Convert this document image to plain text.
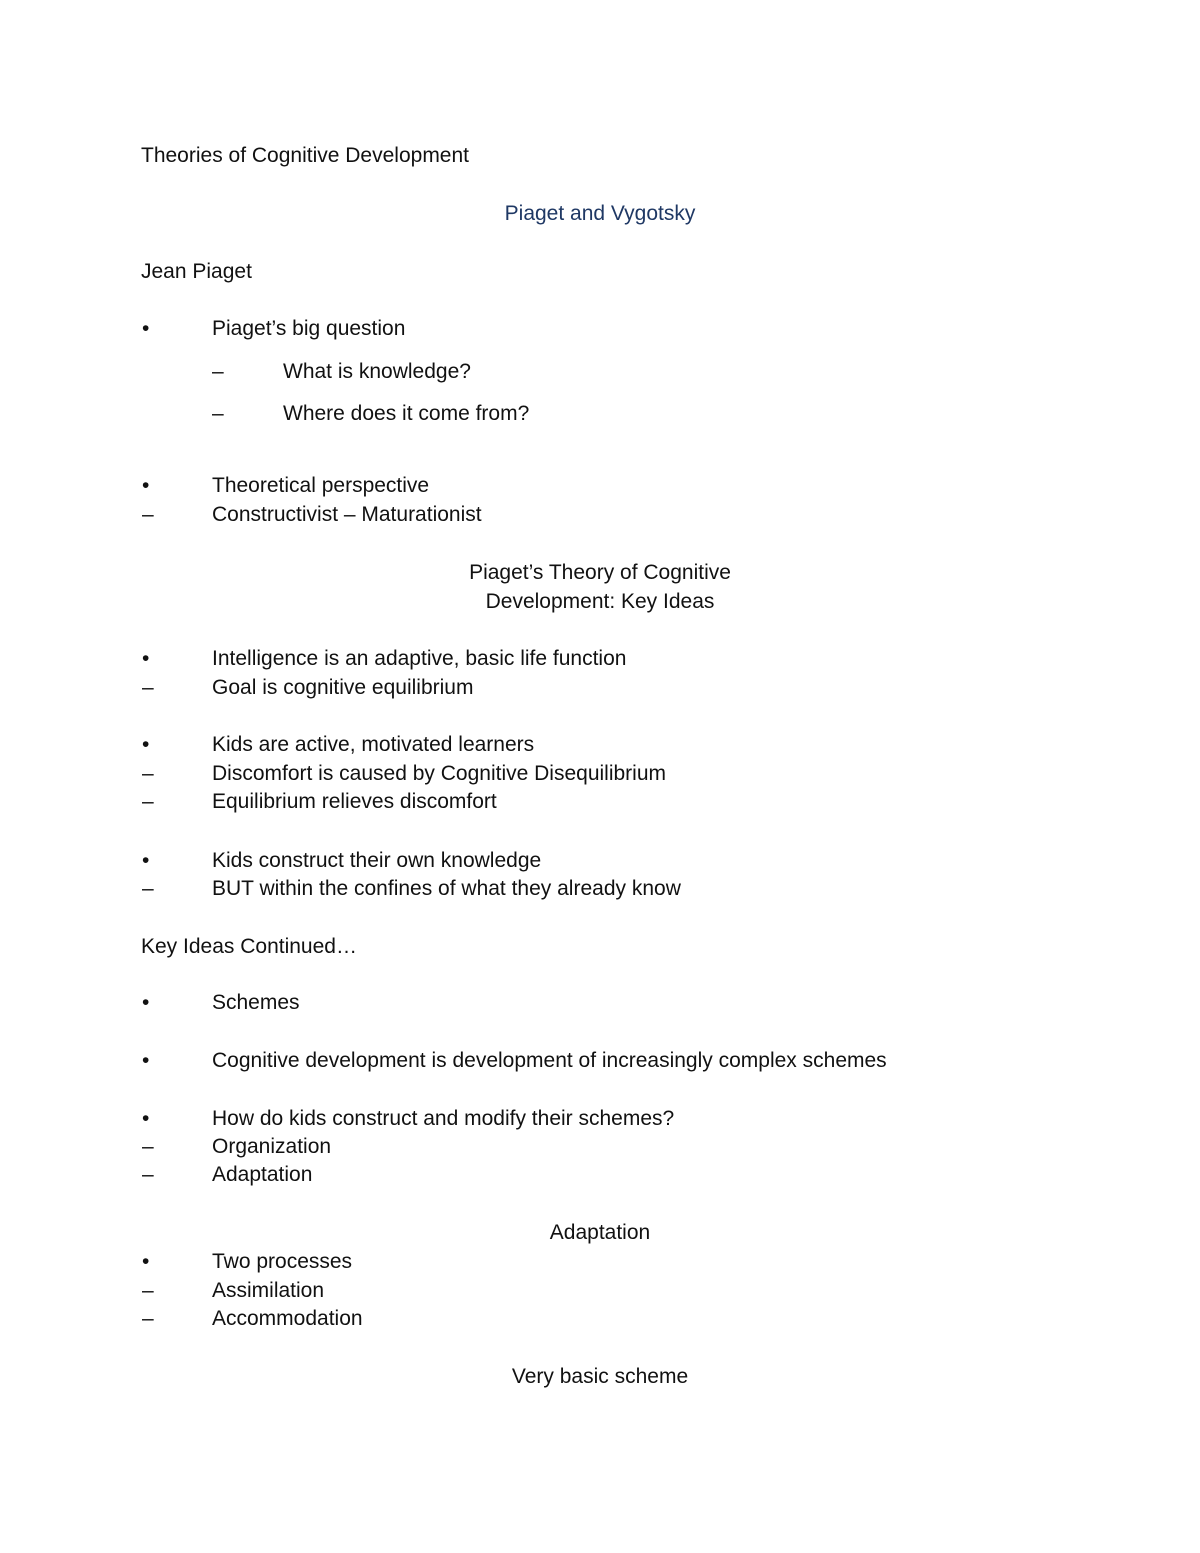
Theories of Cognitive Development
Piaget and Vygotsky
Jean Piaget
•	Piaget’s big question
–	What is knowledge?
–	Where does it come from?
•	Theoretical perspective
–	Constructivist – Maturationist
Piaget’s Theory of Cognitive
Development: Key Ideas
•	Intelligence is an adaptive, basic life function
–	Goal is cognitive equilibrium
•	Kids are active, motivated learners
–	Discomfort is caused by Cognitive Disequilibrium
–	Equilibrium relieves discomfort
•	Kids construct their own knowledge
–	BUT within the confines of what they already know
Key Ideas Continued…
•	Schemes
•	Cognitive development is development of increasingly complex schemes
•	How do kids construct and modify their schemes?
–	Organization
–	Adaptation
Adaptation
•	Two processes
–	Assimilation
–	Accommodation
Very basic scheme
